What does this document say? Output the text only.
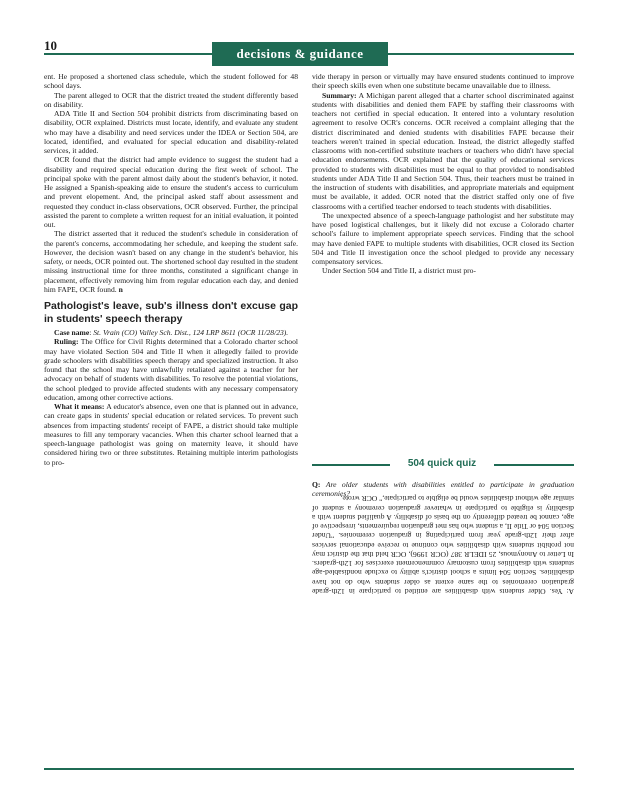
10
decisions & guidance

ent. He proposed a shortened class schedule, which the student followed for 48 school days.

The parent alleged to OCR that the district treated the student differently based on disability.

ADA Title II and Section 504 prohibit districts from discriminating based on disability, OCR explained. Districts must locate, identify, and evaluate any student who may have a disability and need services under the IDEA or Section 504, are located, identified, and evaluated for special education and disability-related services, it added.

OCR found that the district had ample evidence to suggest the student had a disability and required special education during the first week of school. The principal spoke with the parent almost daily about the student's behavior, it noted. He assigned a Spanish-speaking aide to ensure the student's access to curriculum and prevent elopement. And, the principal asked staff about assessment and requested they conduct in-class observations, OCR observed. Further, the principal assisted the parent to complete a written request for an initial evaluation, it pointed out.

The district asserted that it reduced the student's schedule in consideration of the parent's concerns, accommodating her schedule, and keeping the student safe. However, the decision wasn't based on any change in the student's behavior, his safety, or needs, OCR pointed out. The shortened school day resulted in the student missing instructional time for three months, constituted a significant change in placement, effectively removing him from regular education each day, and denied him FAPE, OCR found. n

Pathologist's leave, sub's illness don't excuse gap in students' speech therapy

Case name: St. Vrain (CO) Valley Sch. Dist., 124 LRP 8611 (OCR 11/28/23).

Ruling: The Office for Civil Rights determined that a Colorado charter school may have violated Section 504 and Title II when it allegedly failed to provide grade schoolers with disabilities speech therapy and specialized instruction. It also found that the school may have unlawfully retaliated against a teacher for her advocacy on behalf of students with disabilities. To resolve the potential violations, the school pledged to provide affected students with any necessary compensatory education, among other corrective actions.

What it means: A educator's absence, even one that is planned out in advance, can create gaps in students' special education or related services. To prevent such absences from impacting students' receipt of FAPE, a district should take multiple measures to fill any temporary vacancies. When this charter school learned that a speech-language pathologist was going on maternity leave, it should have considered hiring two or three substitutes. Retaining multiple interim pathologists to pro-

vide therapy in person or virtually may have ensured students continued to improve their speech skills even when one substitute became unavailable due to illness.

Summary: A Michigan parent alleged that a charter school discriminated against students with disabilities and denied them FAPE by staffing their classrooms with teachers not certified in special education. It entered into a voluntary resolution agreement to resolve OCR's concerns. OCR received a complaint alleging that the district discriminated and denied students with disabilities FAPE because their teachers weren't trained in special education. Instead, the district allegedly staffed classrooms with non-certified substitute teachers or teachers who didn't have special education endorsements. OCR explained that the quality of educational services provided to students with disabilities must be equal to that provided to nondisabled students under ADA Title II and Section 504. Thus, their teachers must be trained in the instruction of students with disabilities, and appropriate materials and equipment must be available, it added. OCR noted that the district staffed only one of five classrooms with a certified teacher endorsed to teach students with disabilities.

The unexpected absence of a speech-language pathologist and her substitute may have posed logistical challenges, but it likely did not excuse a Colorado charter school's failure to implement appropriate speech services. Finding that the school may have denied FAPE to multiple students with disabilities, OCR closed its Section 504 and Title II investigation once the school pledged to provide any necessary compensatory services.

Under Section 504 and Title II, a district must pro-

504 quick quiz

Q: Are older students with disabilities entitled to participate in graduation ceremonies?

A: Yes. Older students with disabilities are entitled to participate in 12th-grade graduation ceremonies to the same extent as older students who do not have disabilities. Section 504 limits a school district's ability to exclude nondisabled-age students with disabilities from customary commencement exercises for 12th-graders. In Letter to Anonymous, 25 IDELR 387 (OCR 1996), OCR held that the district may not prohibit students with disabilities who continue to receive educational services after their 12th-grade year from participating in graduation ceremonies. "Under Section 504 or Title II, a student who has met graduation requirements, irrespective of age, cannot be treated differently on the basis of disability. A qualified student with a disability is eligible to participate in whatever graduation ceremony a student of similar age without disabilities would be eligible to participate," OCR wrote.
